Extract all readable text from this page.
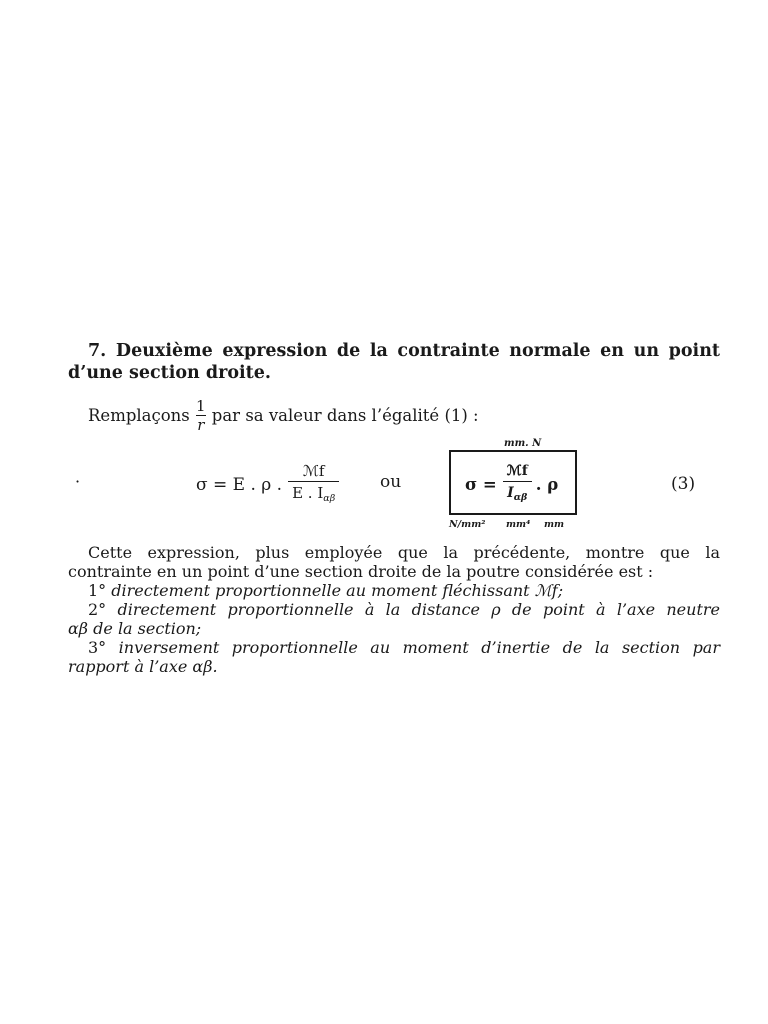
7. Deuxième expression de la contrainte normale en un point d’une section droite.
Remplaçons $\frac{1}{r}$ par sa valeur dans l’égalité (1) :
·	σ = E . ρ . $\frac{\text{ℳf}}{E . I_{\alpha\beta}}$ ou
mm. N
$\sigma = \frac{\text{ℳf}}{I_{\alpha\beta}}$ . ρ
N/mm² mm⁴ mm
(3)

Cette expression, plus employée que la précédente, montre que la

contrainte en un point d’une section droite de la poutre considérée est :

1° directement proportionnelle au moment fléchissant ℳf;

2° directement proportionnelle à la distance ρ de point à l’axe neutre

αβ de la section;

3° inversement proportionnelle au moment d’inertie de la section par

rapport à l’axe αβ.
